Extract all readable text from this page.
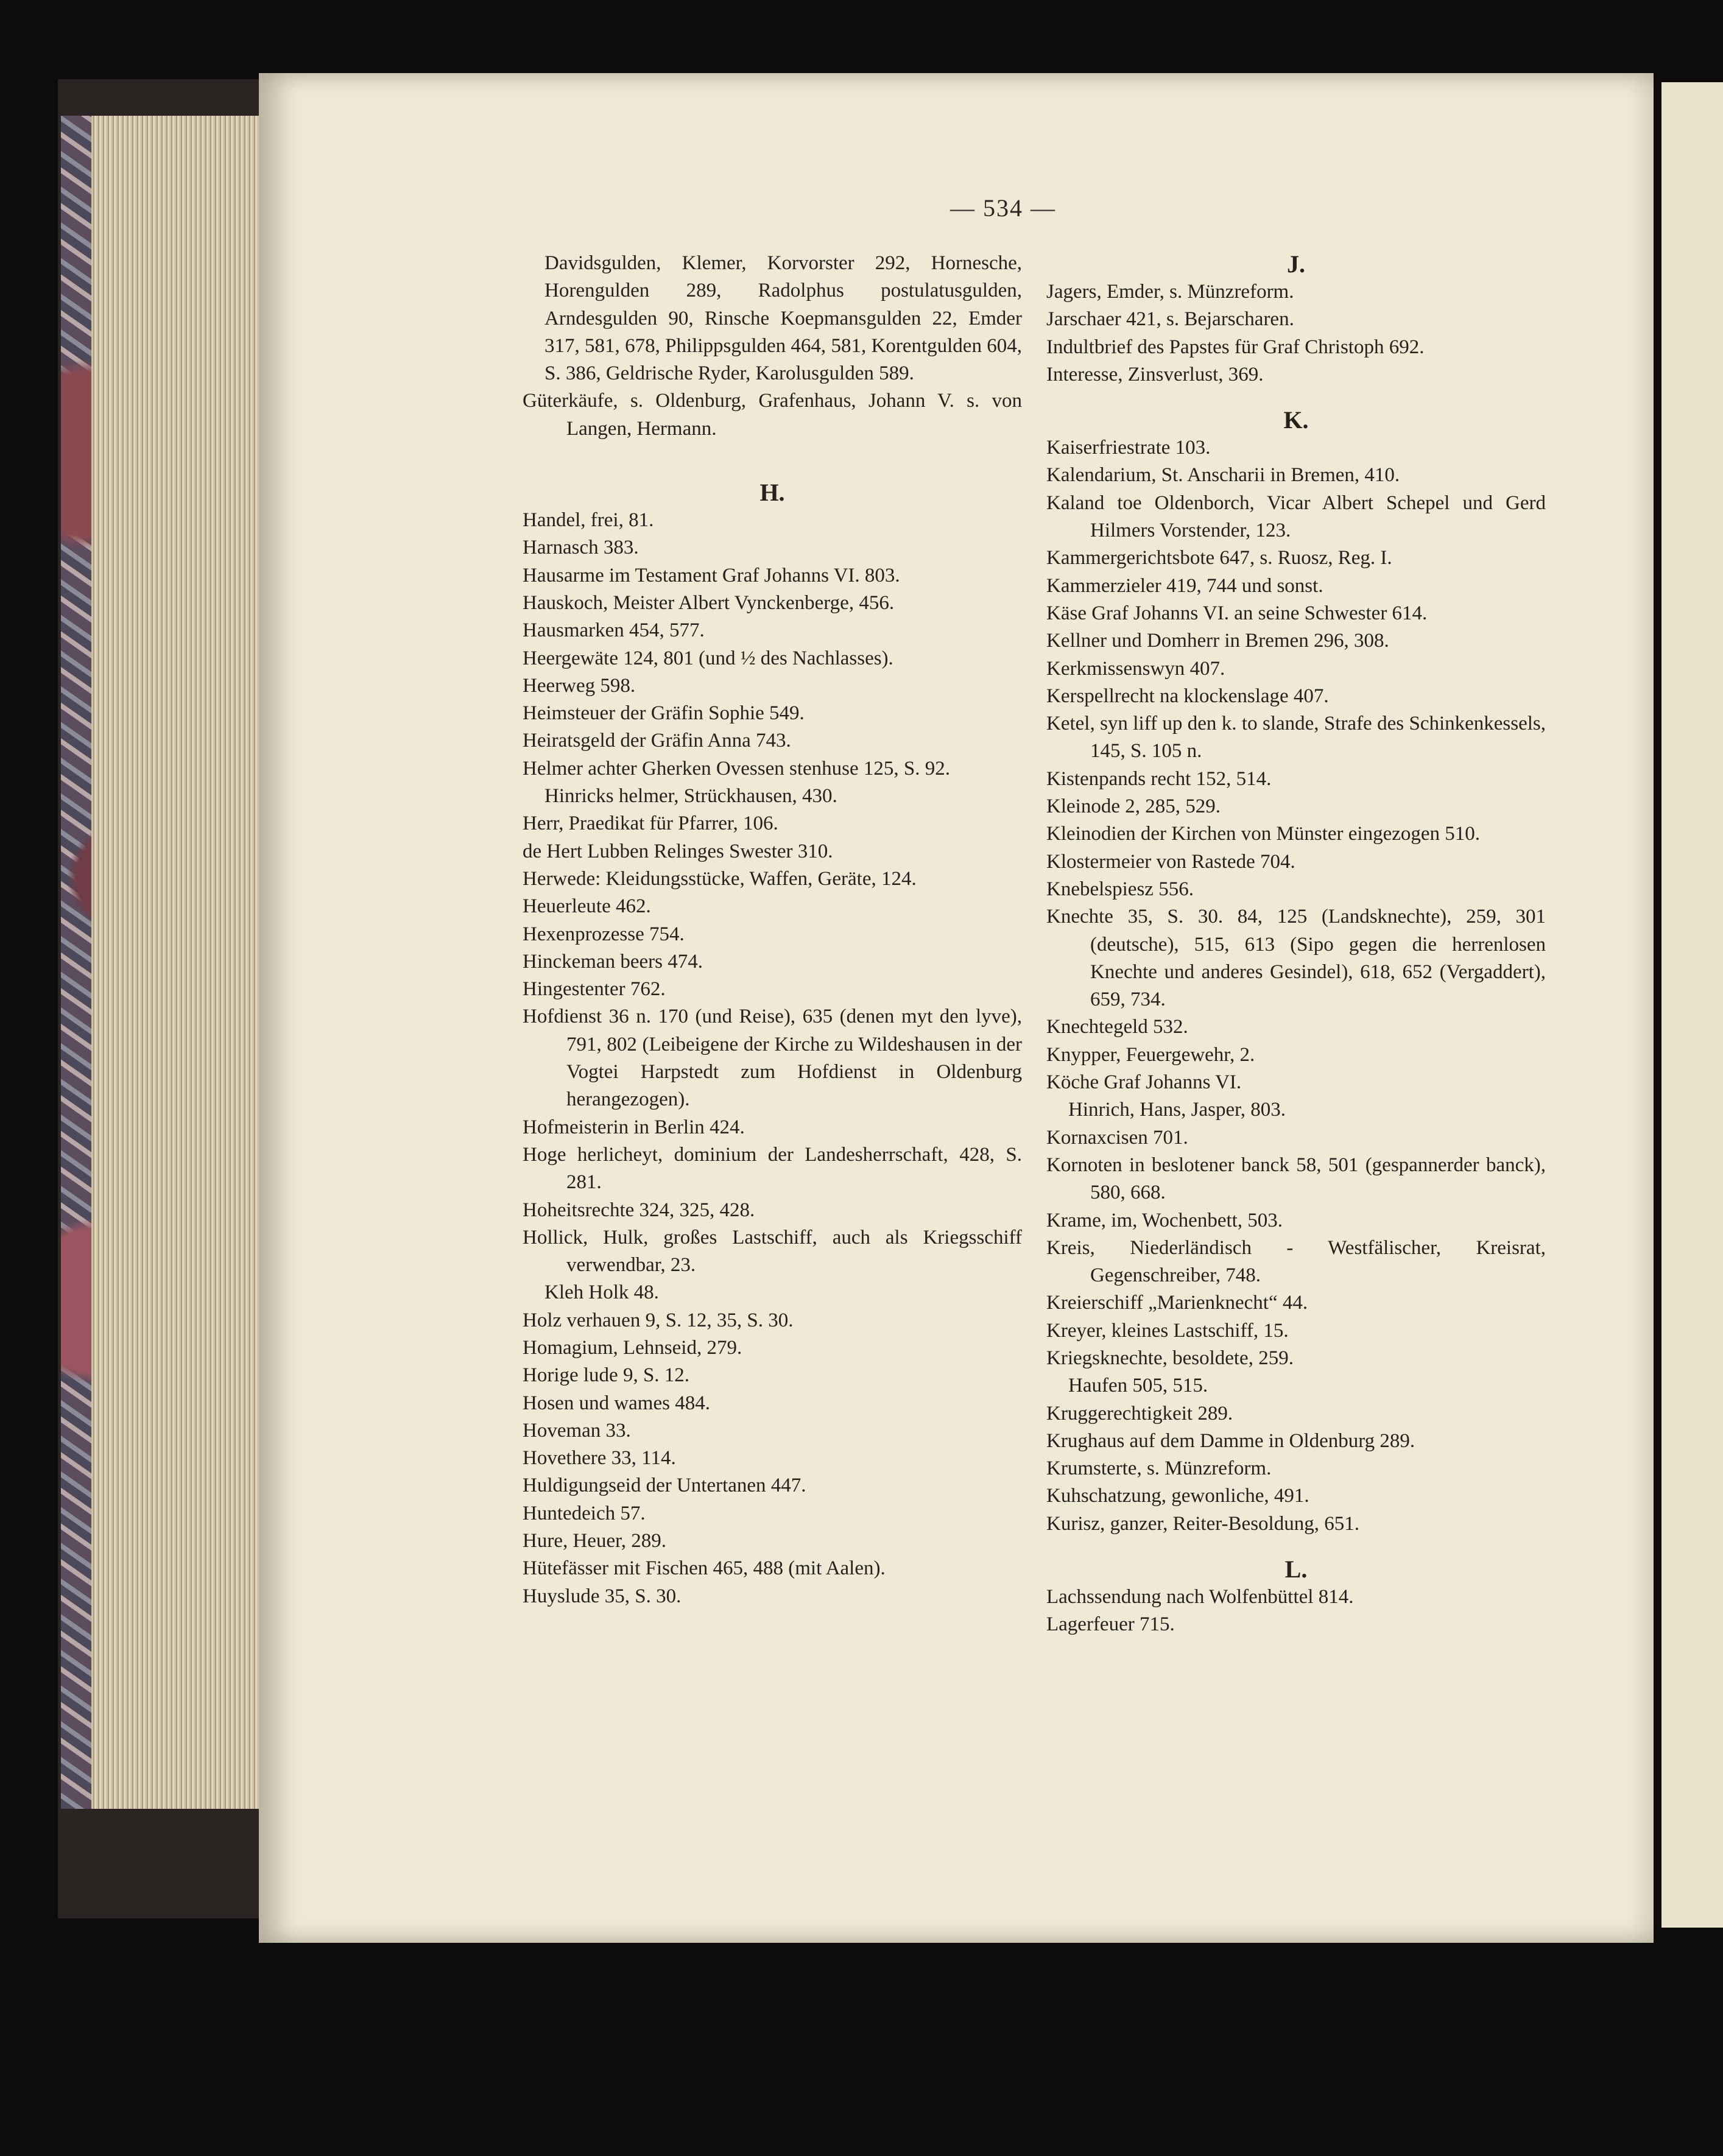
— 534 —
Davidsgulden, Klemer, Korvorster 292, Hornesche, Horengulden 289, Radolphus postulatusgulden, Arndesgulden 90, Rinsche Koepmansgulden 22, Emder 317, 581, 678, Philippsgulden 464, 581, Korentgulden 604, S. 386, Geldrische Ryder, Karolusgulden 589.
Güterkäufe, s. Oldenburg, Grafenhaus, Johann V. s. von Langen, Hermann.
H.
Handel, frei, 81.
Harnasch 383.
Hausarme im Testament Graf Johanns VI. 803.
Hauskoch, Meister Albert Vynckenberge, 456.
Hausmarken 454, 577.
Heergewäte 124, 801 (und ½ des Nachlasses).
Heerweg 598.
Heimsteuer der Gräfin Sophie 549.
Heiratsgeld der Gräfin Anna 743.
Helmer achter Gherken Ovessen stenhuse 125, S. 92.
Hinricks helmer, Strückhausen, 430.
Herr, Praedikat für Pfarrer, 106.
de Hert Lubben Relinges Swester 310.
Herwede: Kleidungsstücke, Waffen, Geräte, 124.
Heuerleute 462.
Hexenprozesse 754.
Hinckeman beers 474.
Hingestenter 762.
Hofdienst 36 n. 170 (und Reise), 635 (denen myt den lyve), 791, 802 (Leibeigene der Kirche zu Wildeshausen in der Vogtei Harpstedt zum Hofdienst in Oldenburg herangezogen).
Hofmeisterin in Berlin 424.
Hoge herlicheyt, dominium der Landesherrschaft, 428, S. 281.
Hoheitsrechte 324, 325, 428.
Hollick, Hulk, großes Lastschiff, auch als Kriegsschiff verwendbar, 23.
Kleh Holk 48.
Holz verhauen 9, S. 12, 35, S. 30.
Homagium, Lehnseid, 279.
Horige lude 9, S. 12.
Hosen und wames 484.
Hoveman 33.
Hovethere 33, 114.
Huldigungseid der Untertanen 447.
Huntedeich 57.
Hure, Heuer, 289.
Hütefässer mit Fischen 465, 488 (mit Aalen).
Huyslude 35, S. 30.
J.
Jagers, Emder, s. Münzreform.
Jarschaer 421, s. Bejarscharen.
Indultbrief des Papstes für Graf Christoph 692.
Interesse, Zinsverlust, 369.
K.
Kaiserfriestrate 103.
Kalendarium, St. Anscharii in Bremen, 410.
Kaland toe Oldenborch, Vicar Albert Schepel und Gerd Hilmers Vorstender, 123.
Kammergerichtsbote 647, s. Ruosz, Reg. I.
Kammerzieler 419, 744 und sonst.
Käse Graf Johanns VI. an seine Schwester 614.
Kellner und Domherr in Bremen 296, 308.
Kerkmissenswyn 407.
Kerspellrecht na klockenslage 407.
Ketel, syn liff up den k. to slande, Strafe des Schinkenkessels, 145, S. 105 n.
Kistenpands recht 152, 514.
Kleinode 2, 285, 529.
Kleinodien der Kirchen von Münster eingezogen 510.
Klostermeier von Rastede 704.
Knebelspiesz 556.
Knechte 35, S. 30. 84, 125 (Landsknechte), 259, 301 (deutsche), 515, 613 (Sipo gegen die herrenlosen Knechte und anderes Gesindel), 618, 652 (Vergaddert), 659, 734.
Knechtegeld 532.
Knypper, Feuergewehr, 2.
Köche Graf Johanns VI.
Hinrich, Hans, Jasper, 803.
Kornaxcisen 701.
Kornoten in beslotener banck 58, 501 (gespannerder banck), 580, 668.
Krame, im, Wochenbett, 503.
Kreis, Niederländisch - Westfälischer, Kreisrat, Gegenschreiber, 748.
Kreierschiff „Marienknecht“ 44.
Kreyer, kleines Lastschiff, 15.
Kriegsknechte, besoldete, 259.
Haufen 505, 515.
Kruggerechtigkeit 289.
Krughaus auf dem Damme in Oldenburg 289.
Krumsterte, s. Münzreform.
Kuhschatzung, gewonliche, 491.
Kurisz, ganzer, Reiter-Besoldung, 651.
L.
Lachssendung nach Wolfenbüttel 814.
Lagerfeuer 715.
